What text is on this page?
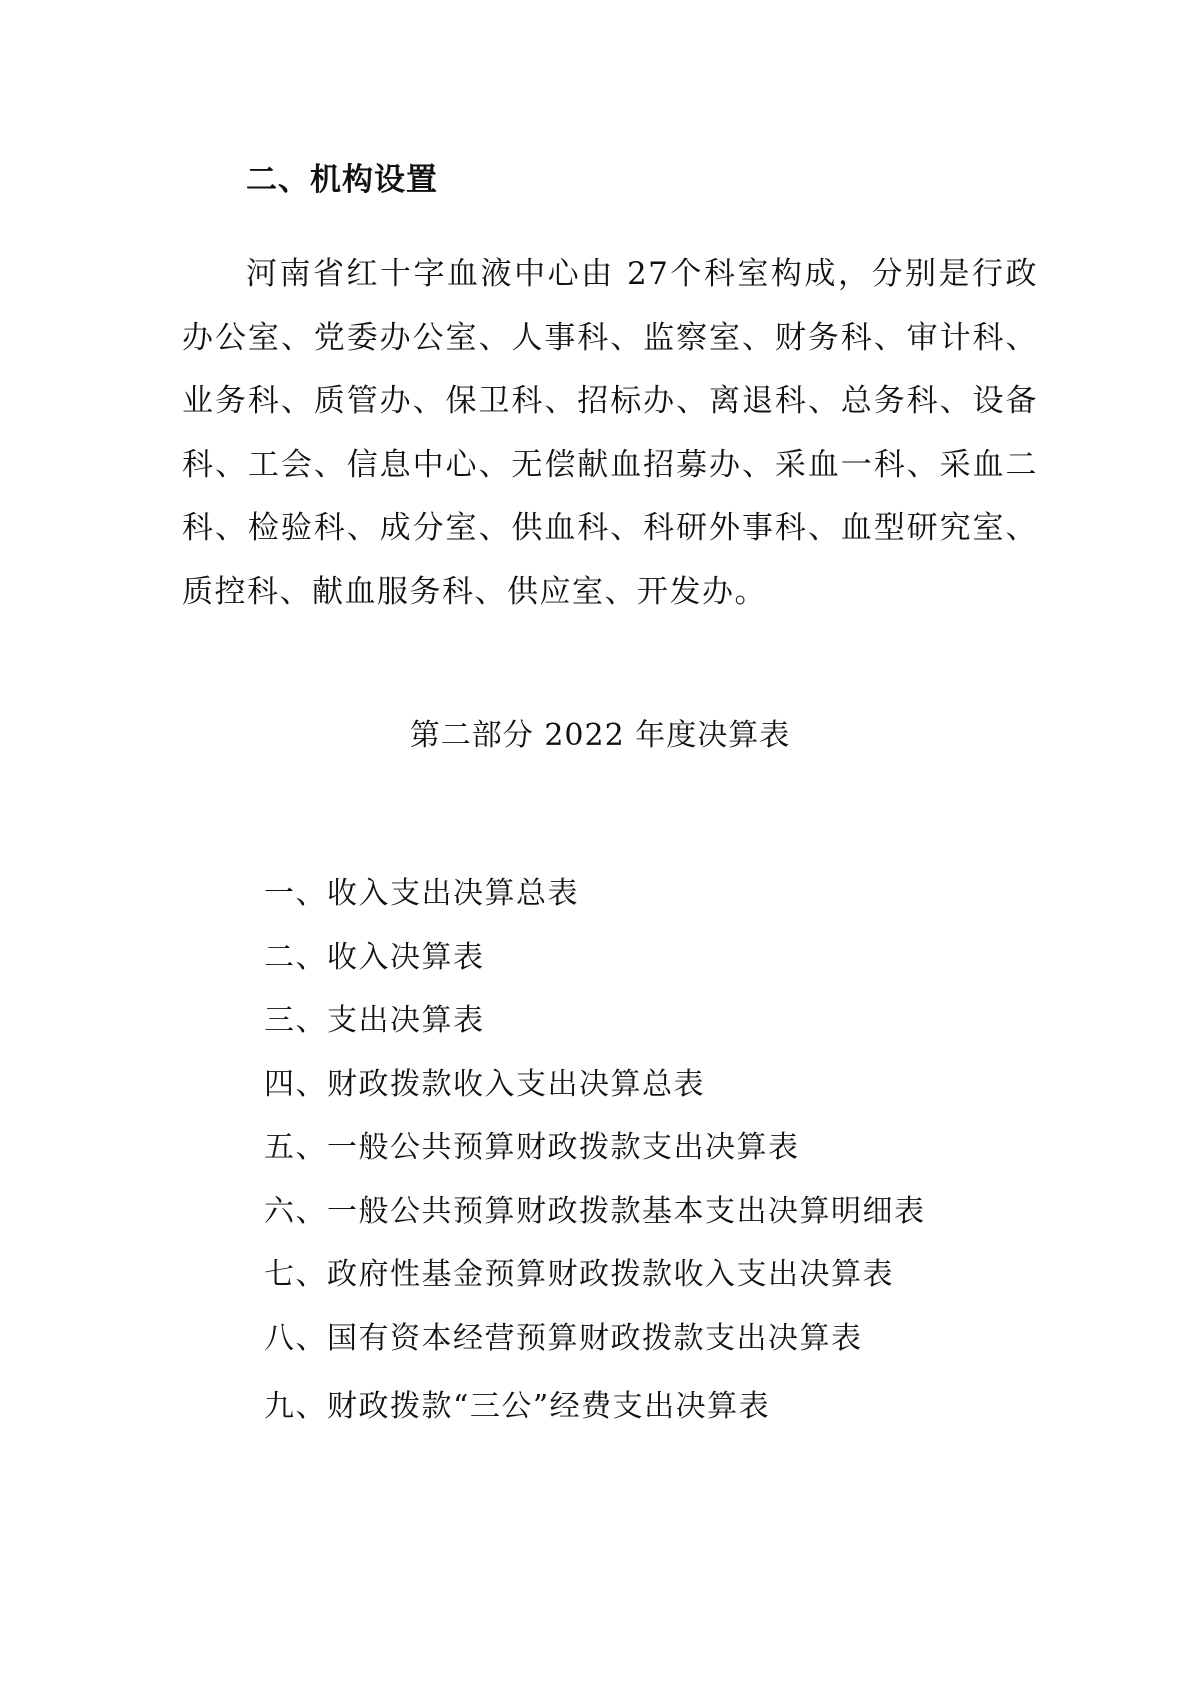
二、机构设置

河南省红十字血液中心由 27个科室构成，分别是行政办公室、党委办公室、人事科、监察室、财务科、审计科、业务科、质管办、保卫科、招标办、离退科、总务科、设备科、工会、信息中心、无偿献血招募办、采血一科、采血二科、检验科、成分室、供血科、科研外事科、血型研究室、质控科、献血服务科、供应室、开发办。

第二部分 2022 年度决算表
一、收入支出决算总表
二、收入决算表
三、支出决算表
四、财政拨款收入支出决算总表
五、一般公共预算财政拨款支出决算表
六、一般公共预算财政拨款基本支出决算明细表
七、政府性基金预算财政拨款收入支出决算表
八、国有资本经营预算财政拨款支出决算表
九、财政拨款“三公”经费支出决算表
